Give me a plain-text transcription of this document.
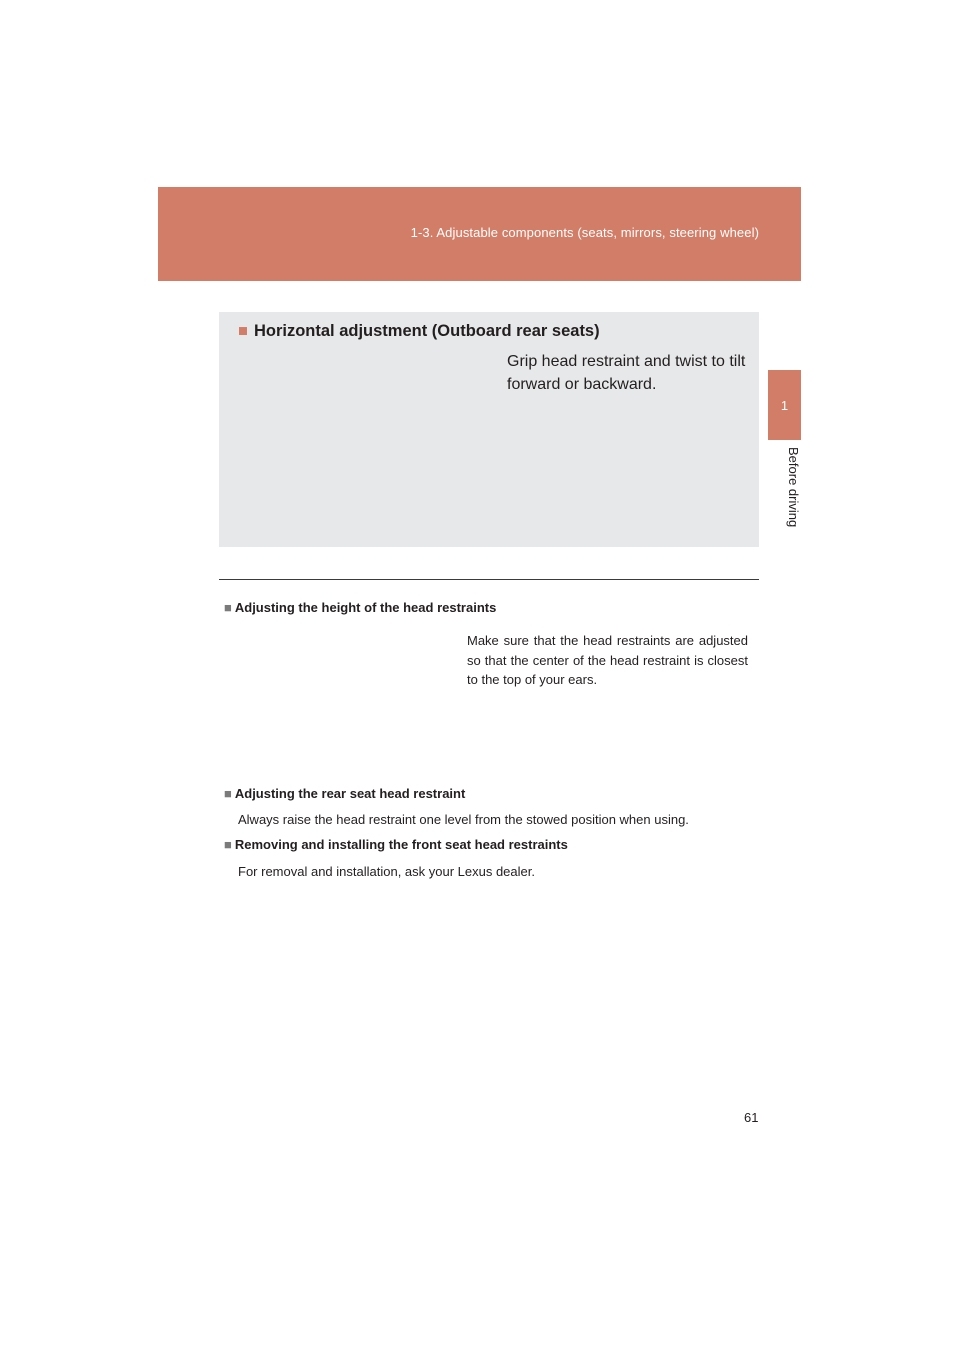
1-3. Adjustable components (seats, mirrors, steering wheel)
1
Before driving
■ Horizontal adjustment (Outboard rear seats)
Grip head restraint and twist to tilt forward or backward.
■ Adjusting the height of the head restraints
Make sure that the head restraints are adjusted so that the center of the head restraint is closest to the top of your ears.
■ Adjusting the rear seat head restraint
Always raise the head restraint one level from the stowed position when using.
■ Removing and installing the front seat head restraints
For removal and installation, ask your Lexus dealer.
61
